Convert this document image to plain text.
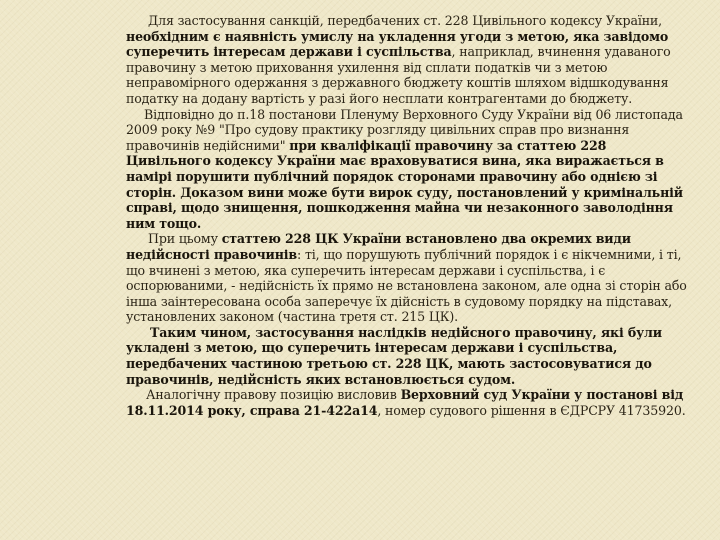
Для застосування санкцій, передбачених ст. 228 Цивільного кодексу України, необхідним є наявність умислу на укладення угоди з метою, яка завідомо суперечить інтересам держави і суспільства, наприклад, вчинення удаваного правочину з метою приховання ухилення від сплати податків чи з метою неправомірного одержання з державного бюджету коштів шляхом відшкодування податку на додану вартість у разі його несплати контрагентами до бюджету.

Відповідно до п.18 постанови Пленуму Верховного Суду України від 06 листопада 2009 року №9 "Про судову практику розгляду цивільних справ про визнання правочинів недійсними" при кваліфікації правочину за статтею 228 Цивільного кодексу України має враховуватися вина, яка виражається в намірі порушити публічний порядок сторонами правочину або однією зі сторін. Доказом вини може бути вирок суду, постановлений у кримінальній справі, щодо знищення, пошкодження майна чи незаконного заволодіння ним тощо.

При цьому статтею 228 ЦК України встановлено два окремих види недійсності правочинів: ті, що порушують публічний порядок і є нікчемними, і ті, що вчинені з метою, яка суперечить інтересам держави і суспільства, і є оспорюваними, - недійсність їх прямо не встановлена законом, але одна зі сторін або інша заінтересована особа заперечує їх дійсність в судовому порядку на підставах, установлених законом (частина третя ст. 215 ЦК).

Таким чином, застосування наслідків недійсного правочину, які були укладені з метою, що суперечить інтересам держави і суспільства, передбачених частиною третьою ст. 228 ЦК, мають застосовуватися до правочинів, недійсність яких встановлюється судом.

Аналогічну правову позицію висловив Верховний суд України у постанові від 18.11.2014 року, справа 21-422а14, номер судового рішення в ЄДРСРУ 41735920.
